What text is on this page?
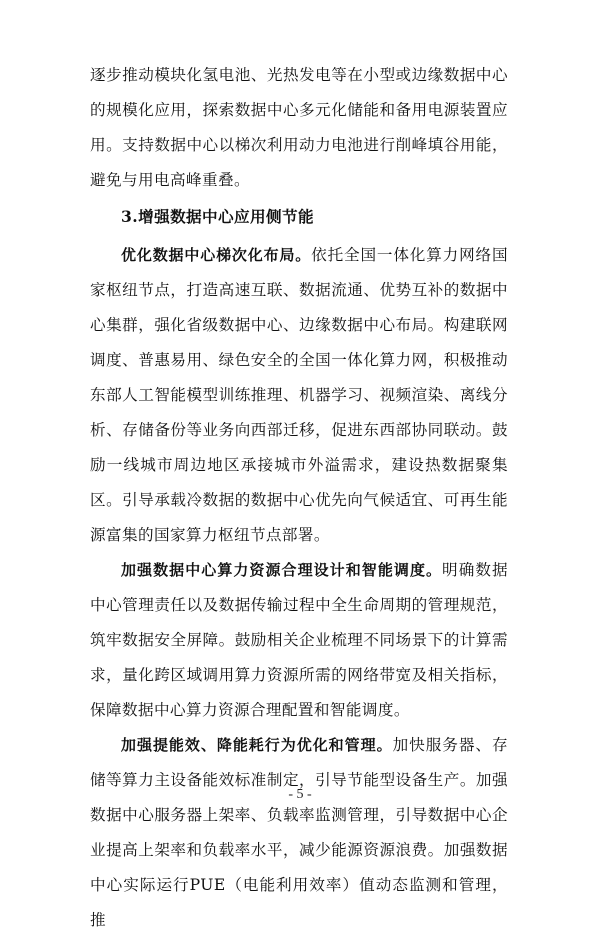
逐步推动模块化氢电池、光热发电等在小型或边缘数据中心的规模化应用，探索数据中心多元化储能和备用电源装置应用。支持数据中心以梯次利用动力电池进行削峰填谷用能，避免与用电高峰重叠。

3.增强数据中心应用侧节能

优化数据中心梯次化布局。依托全国一体化算力网络国家枢纽节点，打造高速互联、数据流通、优势互补的数据中心集群，强化省级数据中心、边缘数据中心布局。构建联网调度、普惠易用、绿色安全的全国一体化算力网，积极推动东部人工智能模型训练推理、机器学习、视频渲染、离线分析、存储备份等业务向西部迁移，促进东西部协同联动。鼓励一线城市周边地区承接城市外溢需求，建设热数据聚集区。引导承载冷数据的数据中心优先向气候适宜、可再生能源富集的国家算力枢纽节点部署。

加强数据中心算力资源合理设计和智能调度。明确数据中心管理责任以及数据传输过程中全生命周期的管理规范，筑牢数据安全屏障。鼓励相关企业梳理不同场景下的计算需求，量化跨区域调用算力资源所需的网络带宽及相关指标，保障数据中心算力资源合理配置和智能调度。

加强提能效、降能耗行为优化和管理。加快服务器、存储等算力主设备能效标准制定，引导节能型设备生产。加强数据中心服务器上架率、负载率监测管理，引导数据中心企业提高上架率和负载率水平，减少能源资源浪费。加强数据中心实际运行PUE（电能利用效率）值动态监测和管理，推

- 5 -
